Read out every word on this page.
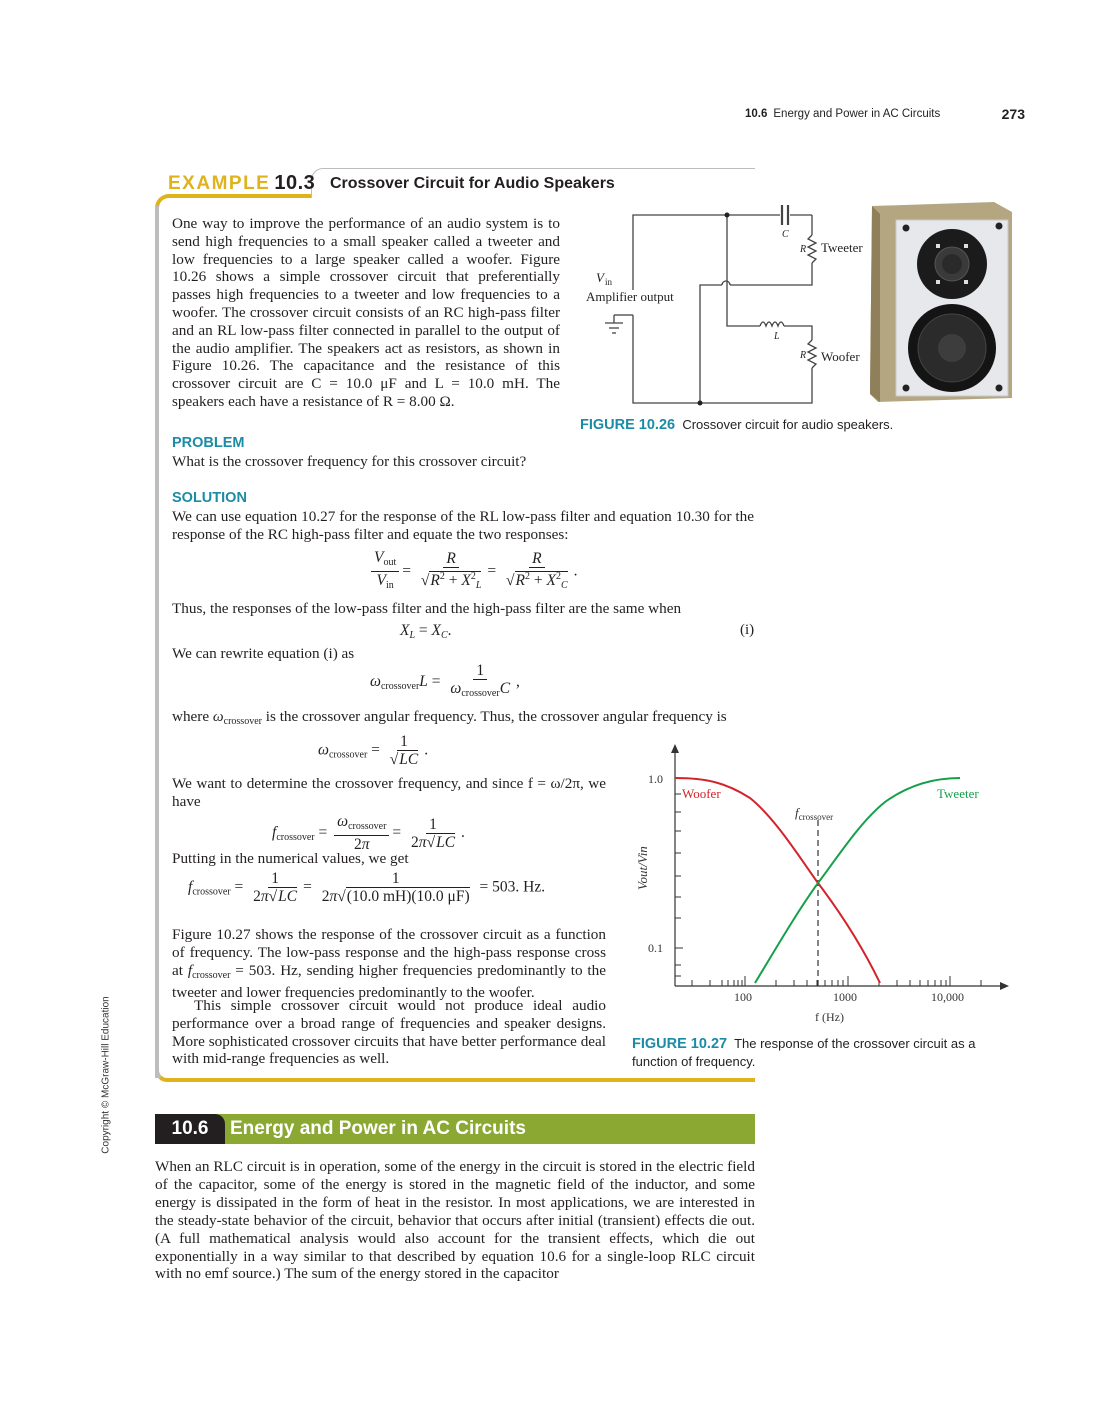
10.6 Energy and Power in AC Circuits	273
Copyright © McGraw-Hill Education
EXAMPLE 10.3 Crossover Circuit for Audio Speakers
One way to improve the performance of an audio system is to send high frequencies to a small speaker called a tweeter and low frequencies to a large speaker called a woofer. Figure 10.26 shows a simple crossover circuit that preferentially passes high frequencies to a tweeter and low frequencies to a woofer. The crossover circuit consists of an RC high-pass filter and an RL low-pass filter connected in parallel to the output of the audio amplifier. The speakers act as resistors, as shown in Figure 10.26. The capacitance and the resistance of this crossover circuit are C = 10.0 μF and L = 10.0 mH. The speakers each have a resistance of R = 8.00 Ω.
PROBLEM
What is the crossover frequency for this crossover circuit?
SOLUTION
We can use equation 10.27 for the response of the RL low-pass filter and equation 10.30 for the response of the RC high-pass filter and equate the two responses:
$\frac{V_{out}}{V_{in}} = \frac{R}{√R^2 + X^2_L} = \frac{R}{√R^2 + X^2_C}$ .
Thus, the responses of the low-pass filter and the high-pass filter are the same when
$X_L = X_C$.	(i)
We can rewrite equation (i) as
$\omega_{crossover}L = \frac{1}{\omega_{crossover}C}$ ,
where $\omega_{crossover}$ is the crossover angular frequency. Thus, the crossover angular frequency is
$\omega_{crossover} = \frac{1}{√LC}$ .
We want to determine the crossover frequency, and since f = ω/2π, we have
$f_{crossover} = \frac{\omega_{crossover}}{2\pi} = \frac{1}{2\pi√LC}$ .
Putting in the numerical values, we get
$f_{crossover} = \frac{1}{2\pi√LC} = \frac{1}{2\pi√(10.0 mH)(10.0 \mu F)} = 503$. Hz.
Figure 10.27 shows the response of the crossover circuit as a function of frequency. The low-pass response and the high-pass response cross at $f_{crossover} = 503$. Hz, sending higher frequencies predominantly to the tweeter and lower frequencies predominantly to the woofer.
This simple crossover circuit would not produce ideal audio performance over a broad range of frequencies and speaker designs. More sophisticated crossover circuits that have better performance deal with mid-range frequencies as well.
C
R Tweeter
L
R Woofer
V in
Amplifier output
FIGURE 10.26 Crossover circuit for audio speakers.
1.0
0.1
100	1000	10,000
Woofer	Tweeter
$f_{crossover}$
f (Hz)
Vout/Vin
FIGURE 10.27 The response of the crossover circuit as a function of frequency.
10.6	Energy and Power in AC Circuits
When an RLC circuit is in operation, some of the energy in the circuit is stored in the electric field of the capacitor, some of the energy is stored in the magnetic field of the inductor, and some energy is dissipated in the form of heat in the resistor. In most applications, we are interested in the steady-state behavior of the circuit, behavior that occurs after initial (transient) effects die out. (A full mathematical analysis would also account for the transient effects, which die out exponentially in a way similar to that described by equation 10.6 for a single-loop RLC circuit with no emf source.) The sum of the energy stored in the capacitor
